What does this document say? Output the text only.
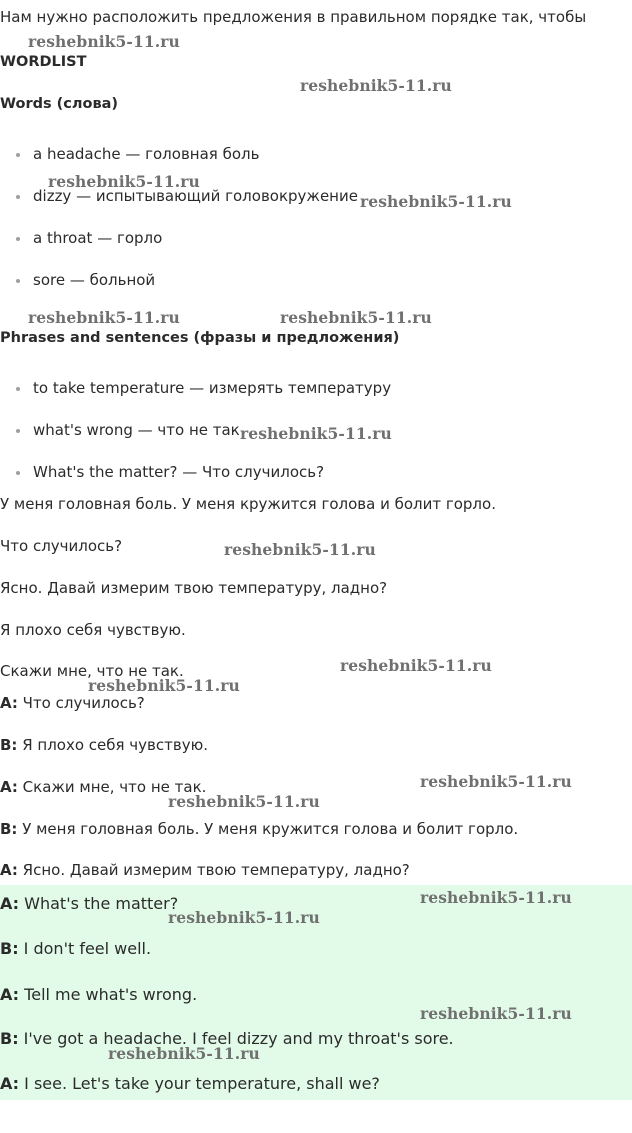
Нам нужно расположить предложения в правильном порядке так, чтобы
WORDLIST
Words (слова)
a headache — головная боль
dizzy — испытывающий головокружение
a throat — горло
sore — больной
Phrases and sentences (фразы и предложения)
to take temperature — измерять температуру
what's wrong — что не так
What's the matter? — Что случилось?
У меня головная боль. У меня кружится голова и болит горло.
Что случилось?
Ясно. Давай измерим твою температуру, ладно?
Я плохо себя чувствую.
Скажи мне, что не так.
A: Что случилось?
B: Я плохо себя чувствую.
A: Скажи мне, что не так.
B: У меня головная боль. У меня кружится голова и болит горло.
A: Ясно. Давай измерим твою температуру, ладно?
A: What's the matter?
B: I don't feel well.
A: Tell me what's wrong.
B: I've got a headache. I feel dizzy and my throat's sore.
A: I see. Let's take your temperature, shall we?
reshebnik5-11.ru
reshebnik5-11.ru
reshebnik5-11.ru
reshebnik5-11.ru
reshebnik5-11.ru	reshebnik5-11.ru
reshebnik5-11.ru
reshebnik5-11.ru
reshebnik5-11.ru
reshebnik5-11.ru
reshebnik5-11.ru
reshebnik5-11.ru
reshebnik5-11.ru
reshebnik5-11.ru
reshebnik5-11.ru
reshebnik5-11.ru
